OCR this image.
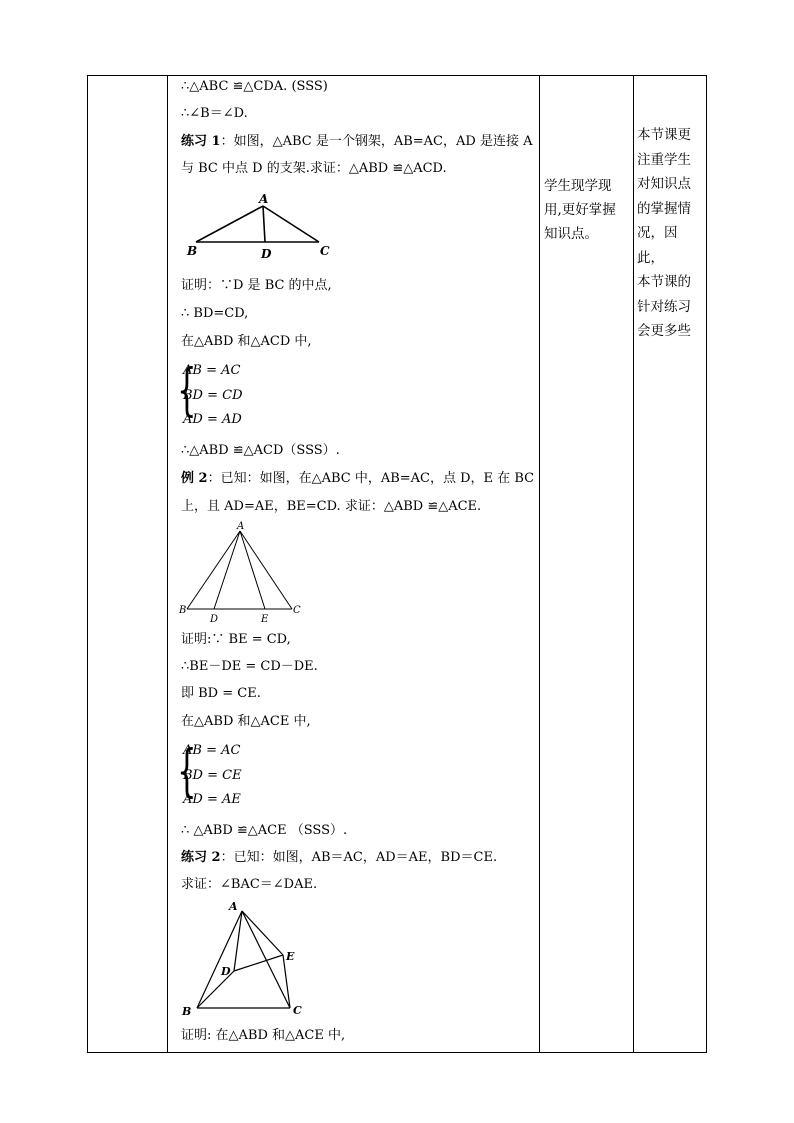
∴△ABC ≌△CDA. (SSS)
∴∠B＝∠D.
练习 1：如图，△ABC 是一个钢架，AB=AC，AD 是连接 A
与 BC 中点 D 的支架.求证：△ABD ≌△ACD.
A
B	C
D
证明：∵D 是 BC 的中点,
∴ BD=CD,
在△ABD 和△ACD 中,
{
AB = AC
BD = CD
AD = AD
∴△ABD ≌△ACD（SSS）.
例 2：已知：如图，在△ABC 中，AB=AC，点 D，E 在 BC
上，且 AD=AE，BE=CD. 求证：△ABD ≌△ACE.
A
B	C
D	E
证明:∵ BE = CD,
∴BE－DE = CD－DE.
即 BD = CE.
在△ABD 和△ACE 中,
{
AB = AC
BD = CE
AD = AE
∴ △ABD ≌△ACE （SSS）.
练习 2：已知：如图，AB＝AC，AD＝AE，BD＝CE.
求证：∠BAC＝∠DAE.
A
B	C
D
E
证明: 在△ABD 和△ACE 中,
学生现学现
用,更好掌握
知识点。
本节课更
注重学生
对知识点
的掌握情
况，因此，
本节课的
针对练习
会更多些
